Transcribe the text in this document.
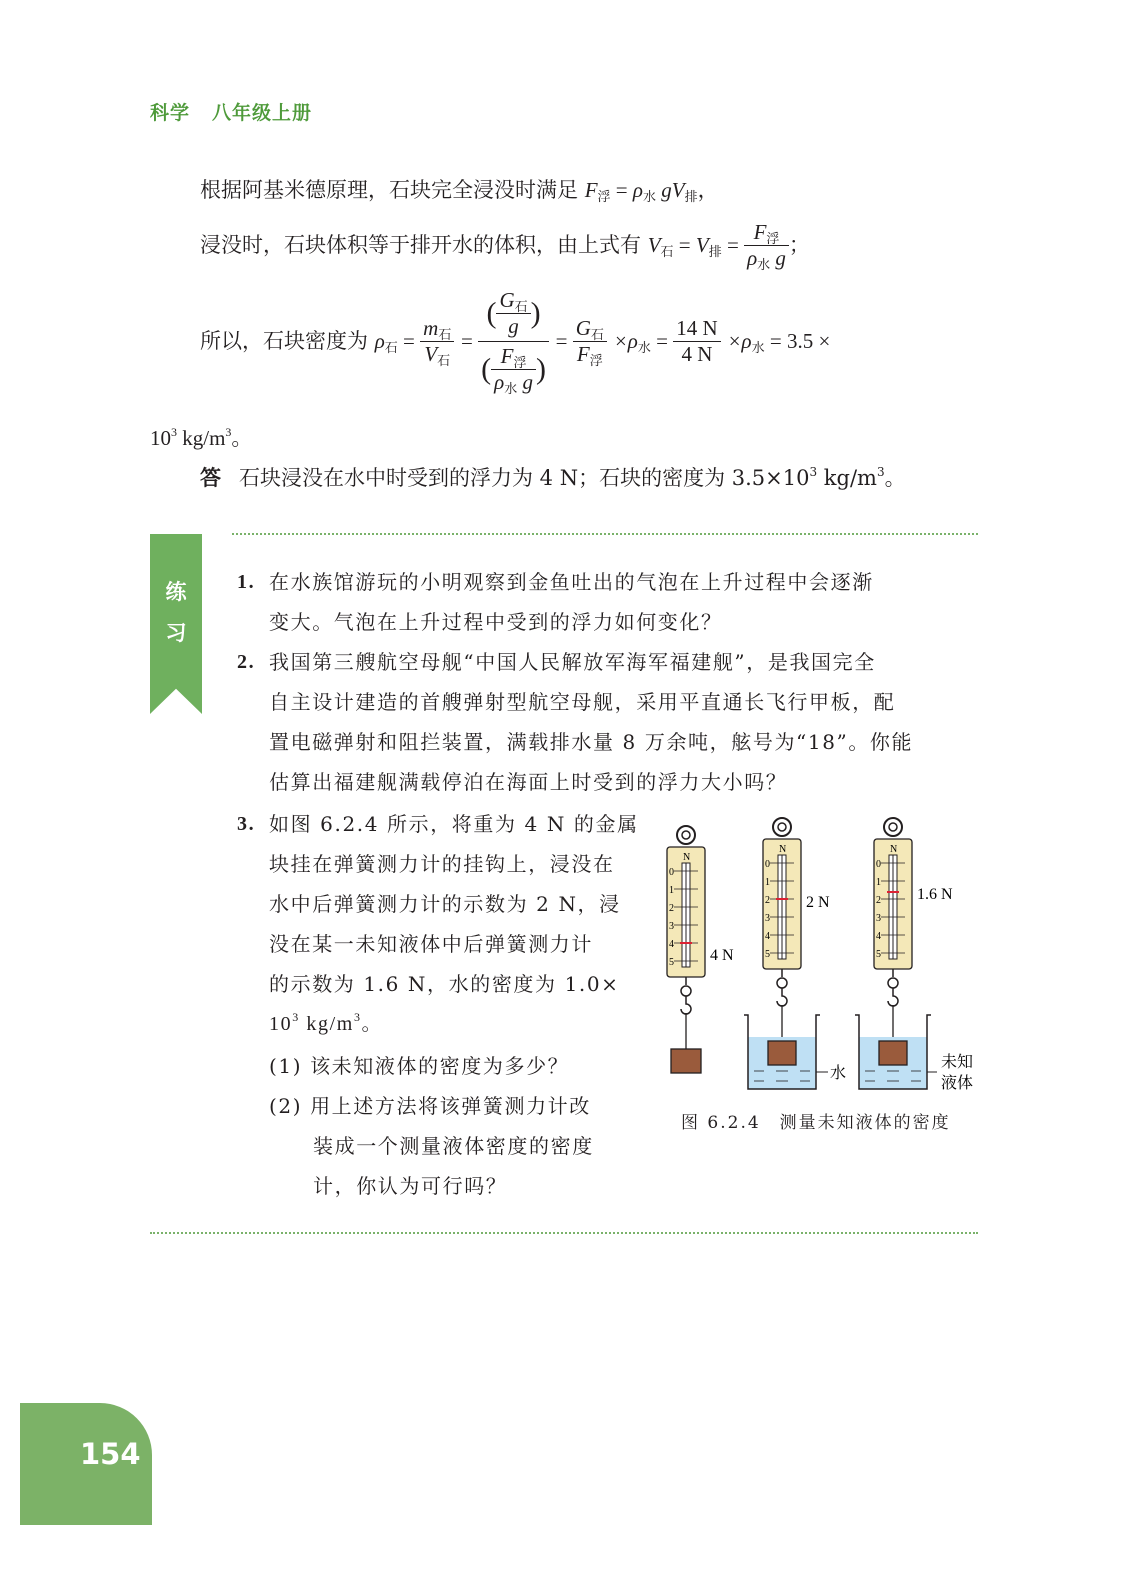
科学 八年级上册
根据阿基米德原理，石块完全浸没时满足 F浮 = ρ水 gV排，
浸没时，石块体积等于排开水的体积，由上式有 V石 = V排 = $\frac{\text{F浮}}{\text{ρ水 g}}$ ；
所以，石块密度为 ρ石 = $\frac{\text{m石}}{\text{V石}} = \frac{( \frac{\text{G石}}{g} )}{( \frac{\text{F浮}}{\text{ρ水 g}} )} = \frac{\text{G石}}{\text{F浮}} \times\rho$水 = $\frac{14 N}{4 N} \times\rho$水 = 3.5 ×
$10^3$ $kg/m^3$。
答 石块浸没在水中时受到的浮力为 4 N；石块的密度为 $3.5\times 10^3$ $kg/m^3$。
练
习
1. 在水族馆游玩的小明观察到金鱼吐出的气泡在上升过程中会逐渐
变大。气泡在上升过程中受到的浮力如何变化？
2. 我国第三艘航空母舰“中国人民解放军海军福建舰”，是我国完全
自主设计建造的首艘弹射型航空母舰，采用平直通长飞行甲板，配
置电磁弹射和阻拦装置，满载排水量 8 万余吨，舷号为“18”。你能
估算出福建舰满载停泊在海面上时受到的浮力大小吗？
3. 如图 6.2.4 所示，将重为 4 N 的金属
块挂在弹簧测力计的挂钩上，浸没在
水中后弹簧测力计的示数为 2 N，浸
没在某一未知液体中后弹簧测力计
的示数为 1.6 N，水的密度为 1.0×
$10^3$ $kg/m^3$。
(1) 该未知液体的密度为多少？
(2) 用上述方法将该弹簧测力计改
装成一个测量液体密度的密度
计，你认为可行吗？
N
0
1
2
3
4
5 4 N
N
0
1
2
3
4
5
2 N
水
N
0
1
2
3
4
5
1.6 N
未知
液体
图 6.2.4　测量未知液体的密度
154
